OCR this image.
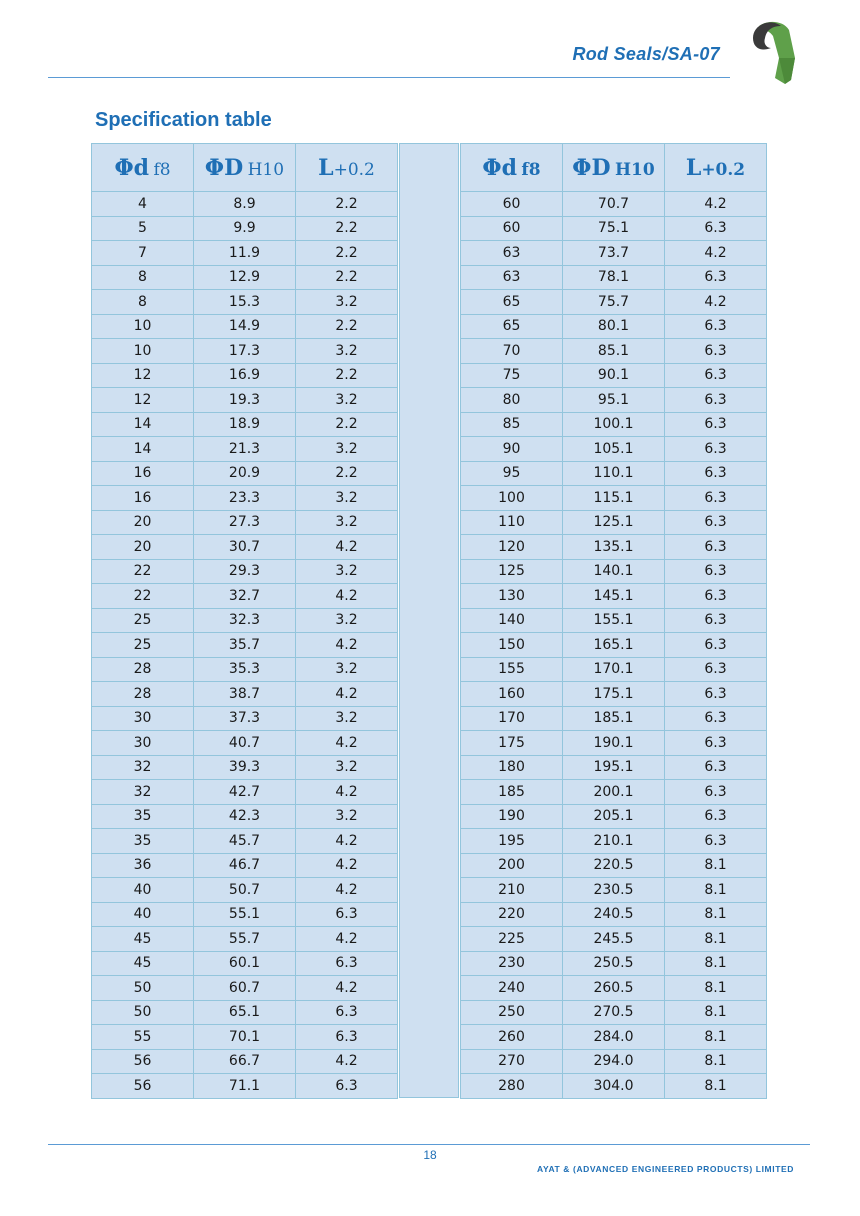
Rod Seals/SA-07
Specification table
Φd f8	ΦD H10	L+0.2
4	8.9	2.2
5	9.9	2.2
7	11.9	2.2
8	12.9	2.2
8	15.3	3.2
10	14.9	2.2
10	17.3	3.2
12	16.9	2.2
12	19.3	3.2
14	18.9	2.2
14	21.3	3.2
16	20.9	2.2
16	23.3	3.2
20	27.3	3.2
20	30.7	4.2
22	29.3	3.2
22	32.7	4.2
25	32.3	3.2
25	35.7	4.2
28	35.3	3.2
28	38.7	4.2
30	37.3	3.2
30	40.7	4.2
32	39.3	3.2
32	42.7	4.2
35	42.3	3.2
35	45.7	4.2
36	46.7	4.2
40	50.7	4.2
40	55.1	6.3
45	55.7	4.2
45	60.1	6.3
50	60.7	4.2
50	65.1	6.3
55	70.1	6.3
56	66.7	4.2
56	71.1	6.3
Φd f8	ΦD H10	L+0.2
60	70.7	4.2
60	75.1	6.3
63	73.7	4.2
63	78.1	6.3
65	75.7	4.2
65	80.1	6.3
70	85.1	6.3
75	90.1	6.3
80	95.1	6.3
85	100.1	6.3
90	105.1	6.3
95	110.1	6.3
100	115.1	6.3
110	125.1	6.3
120	135.1	6.3
125	140.1	6.3
130	145.1	6.3
140	155.1	6.3
150	165.1	6.3
155	170.1	6.3
160	175.1	6.3
170	185.1	6.3
175	190.1	6.3
180	195.1	6.3
185	200.1	6.3
190	205.1	6.3
195	210.1	6.3
200	220.5	8.1
210	230.5	8.1
220	240.5	8.1
225	245.5	8.1
230	250.5	8.1
240	260.5	8.1
250	270.5	8.1
260	284.0	8.1
270	294.0	8.1
280	304.0	8.1
18
AYAT & (ADVANCED ENGINEERED PRODUCTS) LIMITED
